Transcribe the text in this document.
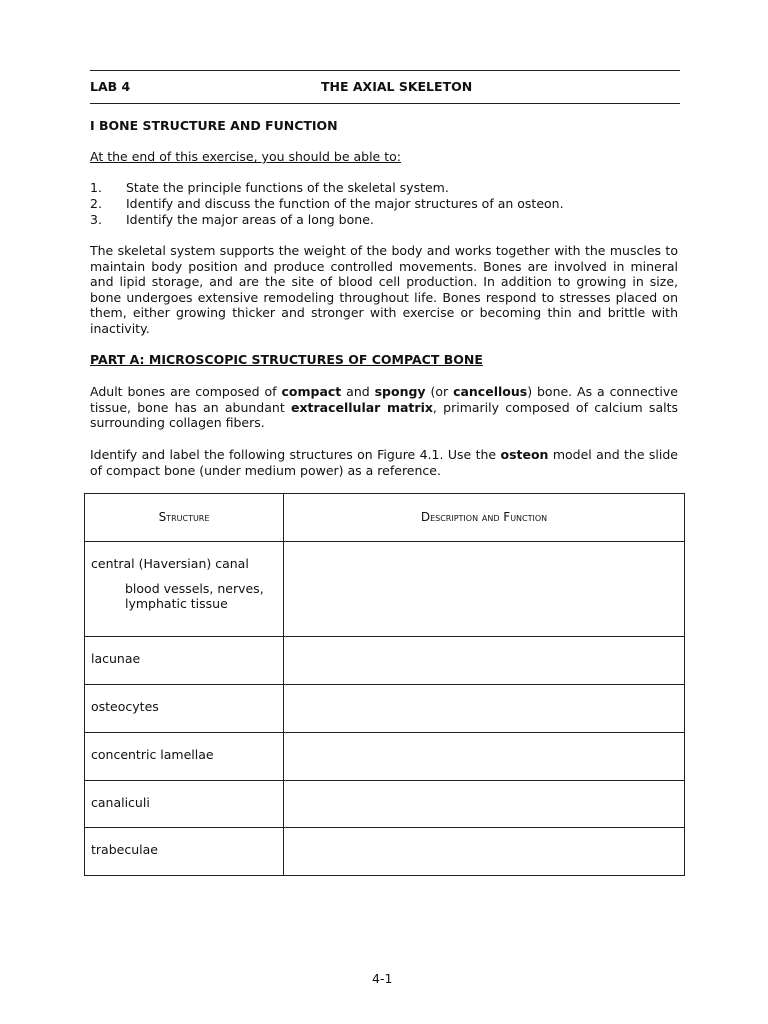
LAB 4	THE AXIAL SKELETON
I BONE STRUCTURE AND FUNCTION
At the end of this exercise, you should be able to:
1.	State the principle functions of the skeletal system.
2.	Identify and discuss the function of the major structures of an osteon.
3.	Identify the major areas of a long bone.

The skeletal system supports the weight of the body and works together with the muscles to maintain body position and produce controlled movements. Bones are involved in mineral and lipid storage, and are the site of blood cell production. In addition to growing in size, bone undergoes extensive remodeling throughout life. Bones respond to stresses placed on them, either growing thicker and stronger with exercise or becoming thin and brittle with inactivity.

PART A: MICROSCOPIC STRUCTURES OF COMPACT BONE

Adult bones are composed of compact and spongy (or cancellous) bone. As a connective tissue, bone has an abundant extracellular matrix, primarily composed of calcium salts surrounding collagen fibers.

Identify and label the following structures on Figure 4.1. Use the osteon model and the slide of compact bone (under medium power) as a reference.

Structure	Description and Function

central (Haversian) canal
blood vessels, nerves, lymphatic tissue	

lacunae	

osteocytes	

concentric lamellae	

canaliculi	

trabeculae	

4-1
